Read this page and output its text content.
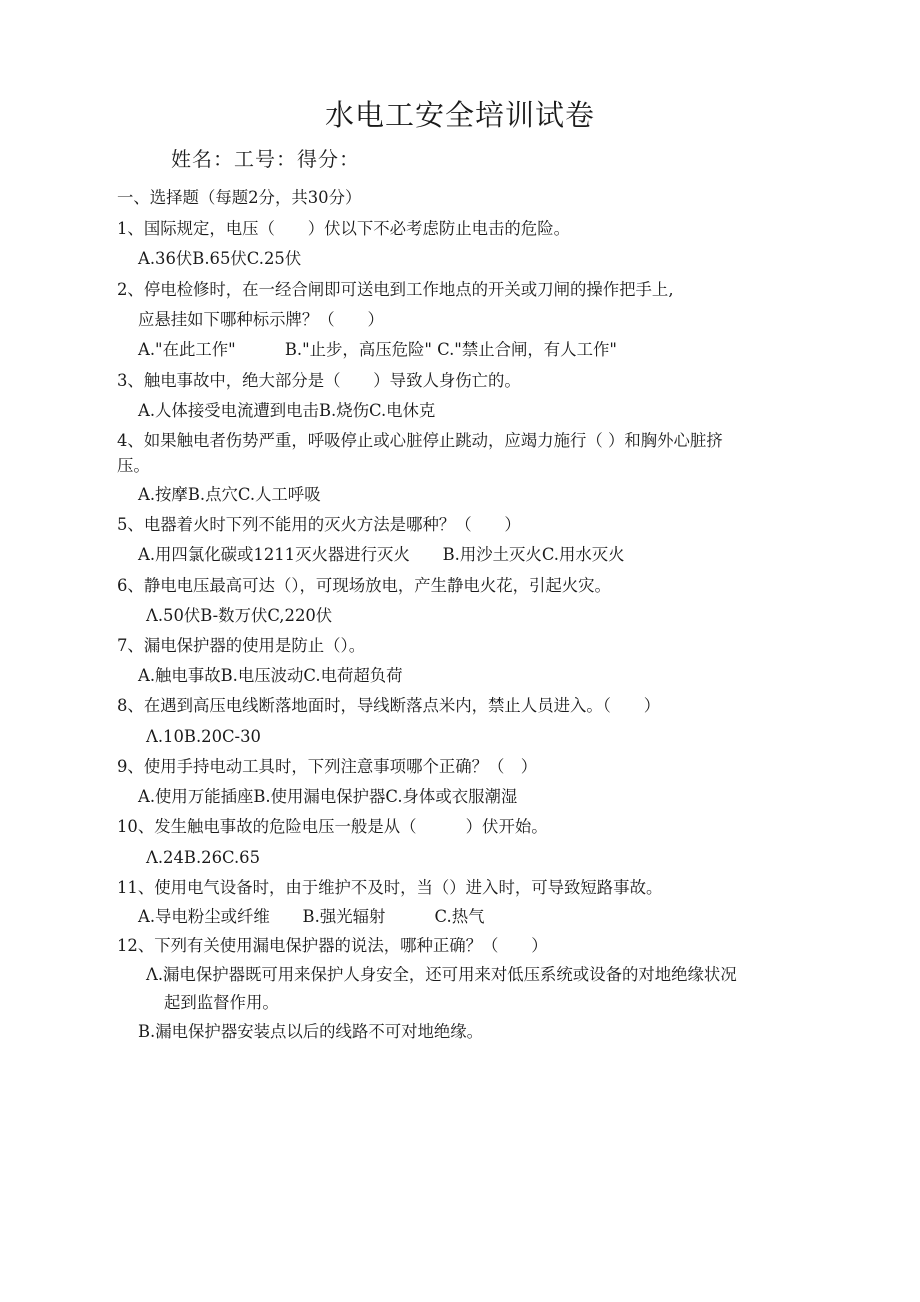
水电工安全培训试卷
姓名：工号：得分：
一、选择题（每题2分，共30分）
1、国际规定，电压（　　）伏以下不必考虑防止电击的危险。
A.36伏B.65伏C.25伏
2、停电检修时，在一经合闸即可送电到工作地点的开关或刀闸的操作把手上,
应悬挂如下哪种标示牌？（　　）
A."在此工作"　　　B."止步，高压危险" C."禁止合闸，有人工作"
3、触电事故中，绝大部分是（　　）导致人身伤亡的。
A.人体接受电流遭到电击B.烧伤C.电休克
4、如果触电者伤势严重，呼吸停止或心脏停止跳动，应竭力施行（ ）和胸外心脏挤
压。
A.按摩B.点穴C.人工呼吸
5、电器着火时下列不能用的灭火方法是哪种？（　　）
A.用四氯化碳或1211灭火器进行灭火　　B.用沙土灭火C.用水灭火
6、静电电压最高可达（），可现场放电，产生静电火花，引起火灾。
Λ.50伏B-数万伏C,220伏
7、漏电保护器的使用是防止（）。
A.触电事故B.电压波动C.电荷超负荷
8、在遇到高压电线断落地面时，导线断落点米内，禁止人员进入。（　　）
Λ.10B.20C-30
9、使用手持电动工具时，下列注意事项哪个正确？（　）
A.使用万能插座B.使用漏电保护器C.身体或衣服潮湿
10、发生触电事故的危险电压一般是从（　　　）伏开始。
Λ.24B.26C.65
11、使用电气设备时，由于维护不及时，当（）进入时，可导致短路事故。
A.导电粉尘或纤维　　B.强光辐射　　　C.热气
12、下列有关使用漏电保护器的说法，哪种正确？（　　）
Λ.漏电保护器既可用来保护人身安全，还可用来对低压系统或设备的对地绝缘状况
起到监督作用。
B.漏电保护器安装点以后的线路不可对地绝缘。
